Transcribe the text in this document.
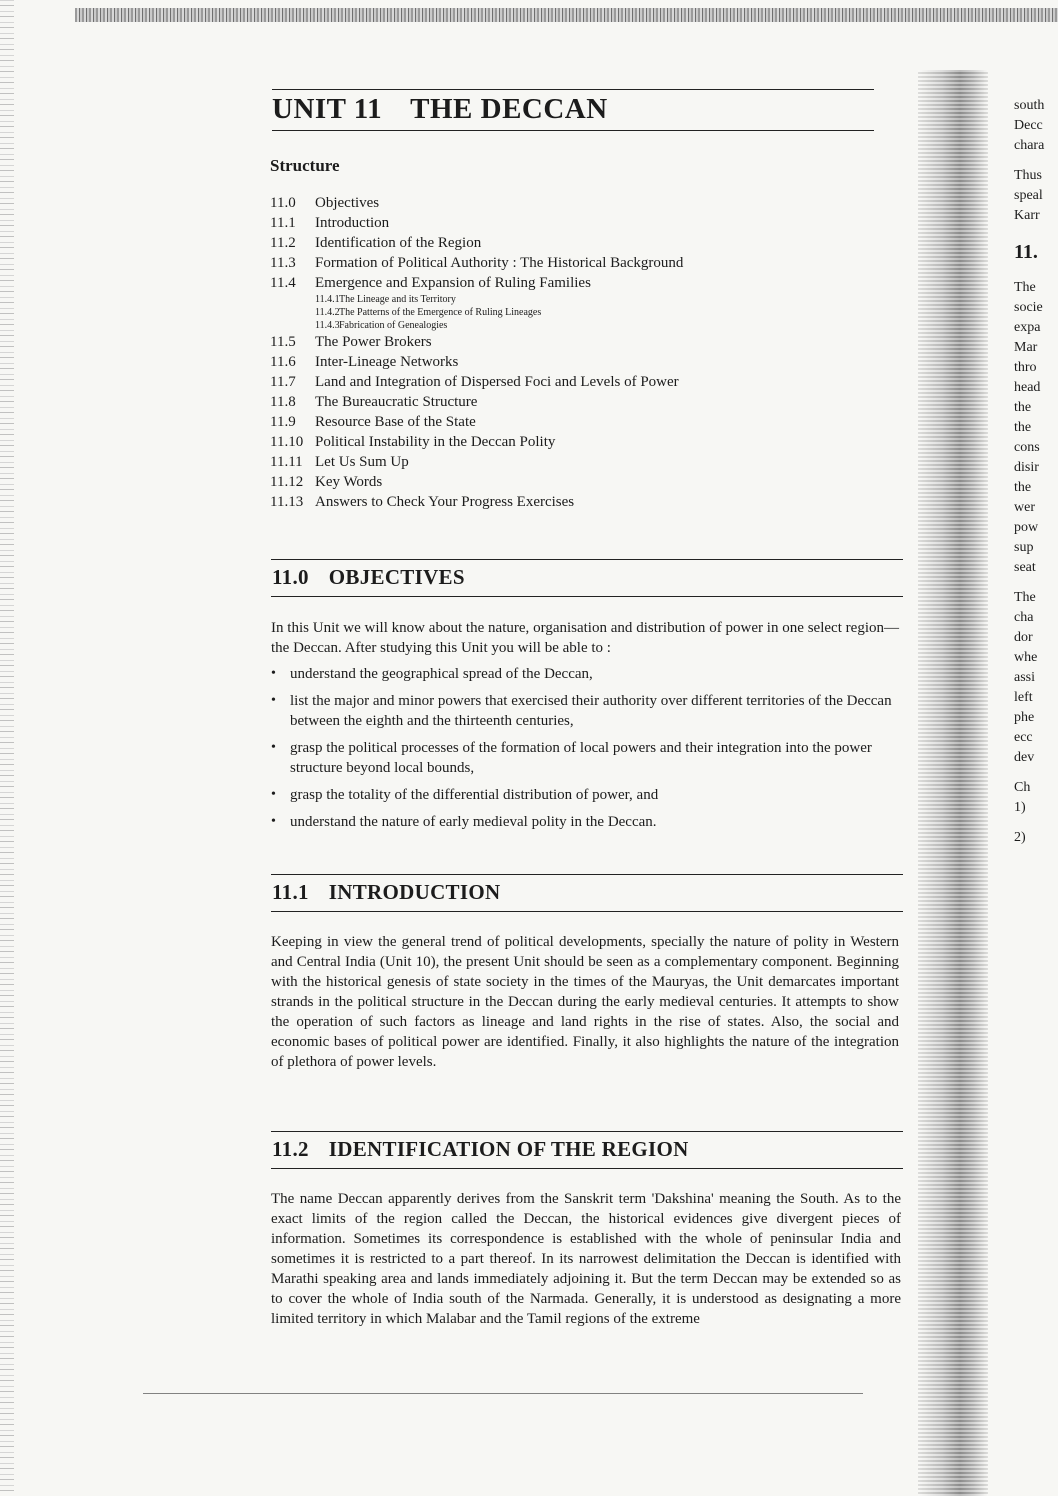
UNIT 11 THE DECCAN
Structure
11.0	Objectives
11.1	Introduction
11.2	Identification of the Region
11.3	Formation of Political Authority : The Historical Background
11.4	Emergence and Expansion of Ruling Families
11.4.1 The Lineage and its Territory
11.4.2 The Patterns of the Emergence of Ruling Lineages
11.4.3 Fabrication of Genealogies
11.5	The Power Brokers
11.6	Inter-Lineage Networks
11.7	Land and Integration of Dispersed Foci and Levels of Power
11.8	The Bureaucratic Structure
11.9	Resource Base of the State
11.10 Political Instability in the Deccan Polity
11.11 Let Us Sum Up
11.12 Key Words
11.13 Answers to Check Your Progress Exercises
11.0 OBJECTIVES

In this Unit we will know about the nature, organisation and distribution of power in one select region—the Deccan. After studying this Unit you will be able to :

• understand the geographical spread of the Deccan,
• list the major and minor powers that exercised their authority over different territories of the Deccan between the eighth and the thirteenth centuries,
• grasp the political processes of the formation of local powers and their integration into the power structure beyond local bounds,
• grasp the totality of the differential distribution of power, and
• understand the nature of early medieval polity in the Deccan.
11.1 INTRODUCTION

Keeping in view the general trend of political developments, specially the nature of polity in Western and Central India (Unit 10), the present Unit should be seen as a complementary component. Beginning with the historical genesis of state society in the times of the Mauryas, the Unit demarcates important strands in the political structure in the Deccan during the early medieval centuries. It attempts to show the operation of such factors as lineage and land rights in the rise of states. Also, the social and economic bases of political power are identified. Finally, it also highlights the nature of the integration of plethora of power levels.

11.2 IDENTIFICATION OF THE REGION

The name Deccan apparently derives from the Sanskrit term 'Dakshina' meaning the South. As to the exact limits of the region called the Deccan, the historical evidences give divergent pieces of information. Sometimes its correspondence is established with the whole of peninsular India and sometimes it is restricted to a part thereof. In its narrowest delimitation the Deccan is identified with Marathi speaking area and lands immediately adjoining it. But the term Deccan may be extended so as to cover the whole of India south of the Narmada. Generally, it is understood as designating a more limited territory in which Malabar and the Tamil regions of the extreme

south
Decc
chara
Thus
speal
Karr
11.
The
socie
expa
Mar
thro
head
the
the
cons
disir
the
wer
pow
sup
seat
The
cha
dor
whe
assi
left
phe
ecc
dev
Ch
1)
2)
